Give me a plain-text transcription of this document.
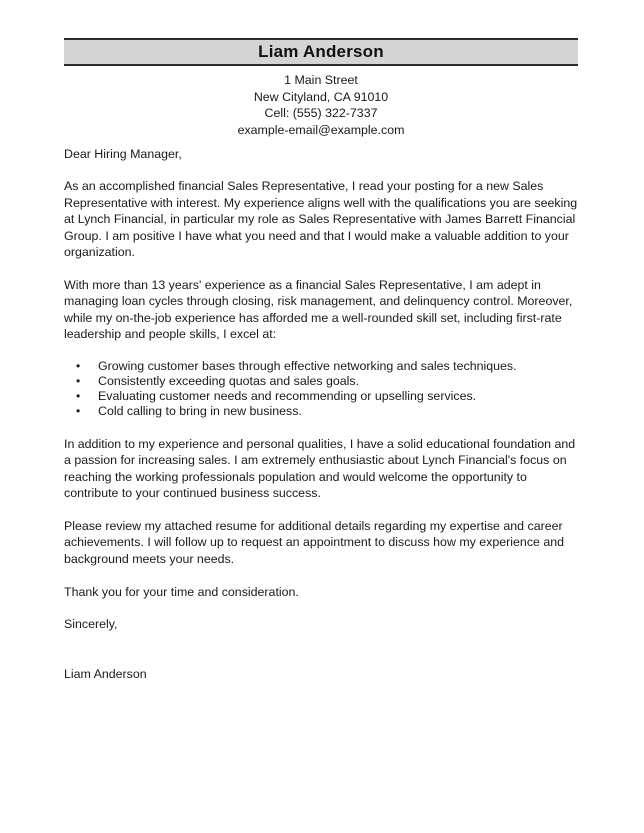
Liam Anderson
1 Main Street
New Cityland, CA 91010
Cell: (555) 322-7337
example-email@example.com

Dear Hiring Manager,

As an accomplished financial Sales Representative, I read your posting for a new Sales Representative with interest. My experience aligns well with the qualifications you are seeking at Lynch Financial, in particular my role as Sales Representative with James Barrett Financial Group. I am positive I have what you need and that I would make a valuable addition to your organization.

With more than 13 years' experience as a financial Sales Representative, I am adept in managing loan cycles through closing, risk management, and delinquency control. Moreover, while my on-the-job experience has afforded me a well-rounded skill set, including first-rate leadership and people skills, I excel at:

• Growing customer bases through effective networking and sales techniques.
• Consistently exceeding quotas and sales goals.
• Evaluating customer needs and recommending or upselling services.
• Cold calling to bring in new business.

In addition to my experience and personal qualities, I have a solid educational foundation and a passion for increasing sales. I am extremely enthusiastic about Lynch Financial's focus on reaching the working professionals population and would welcome the opportunity to contribute to your continued business success.

Please review my attached resume for additional details regarding my expertise and career achievements. I will follow up to request an appointment to discuss how my experience and background meets your needs.

Thank you for your time and consideration.

Sincerely,

Liam Anderson
